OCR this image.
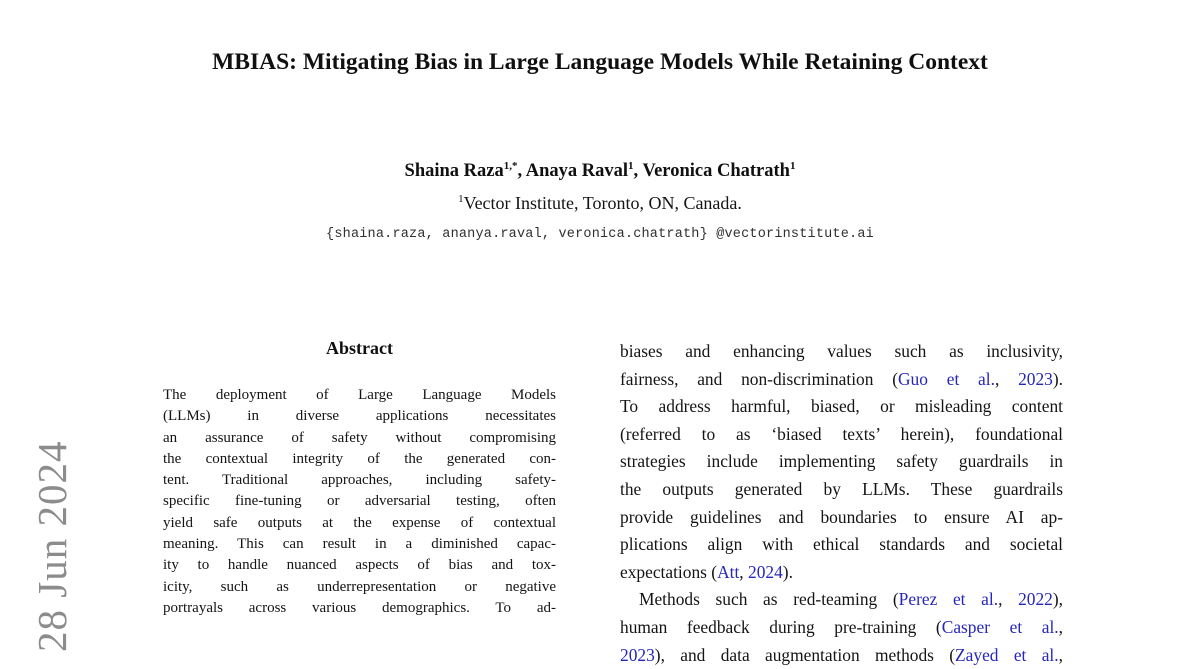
28 Jun 2024
MBIAS: Mitigating Bias in Large Language Models While Retaining Context
Shaina Raza$^{1,*}$, Anaya Raval$^1$, Veronica Chatrath$^1$
$^1$Vector Institute, Toronto, ON, Canada.
{shaina.raza, ananya.raval, veronica.chatrath} @vectorinstitute.ai
Abstract
The deployment of Large Language Models
(LLMs) in diverse applications necessitates
an assurance of safety without compromising
the contextual integrity of the generated con-
tent. Traditional approaches, including safety-
specific fine-tuning or adversarial testing, often
yield safe outputs at the expense of contextual
meaning. This can result in a diminished capac-
ity to handle nuanced aspects of bias and tox-
icity, such as underrepresentation or negative
portrayals across various demographics. To ad-
biases and enhancing values such as inclusivity,
fairness, and non-discrimination (Guo et al., 2023).
To address harmful, biased, or misleading content
(referred to as ‘biased texts’ herein), foundational
strategies include implementing safety guardrails in
the outputs generated by LLMs. These guardrails
provide guidelines and boundaries to ensure AI ap-
plications align with ethical standards and societal
expectations (Att, 2024).
Methods such as red-teaming (Perez et al., 2022),
human feedback during pre-training (Casper et al.,
2023), and data augmentation methods (Zayed et al.,
